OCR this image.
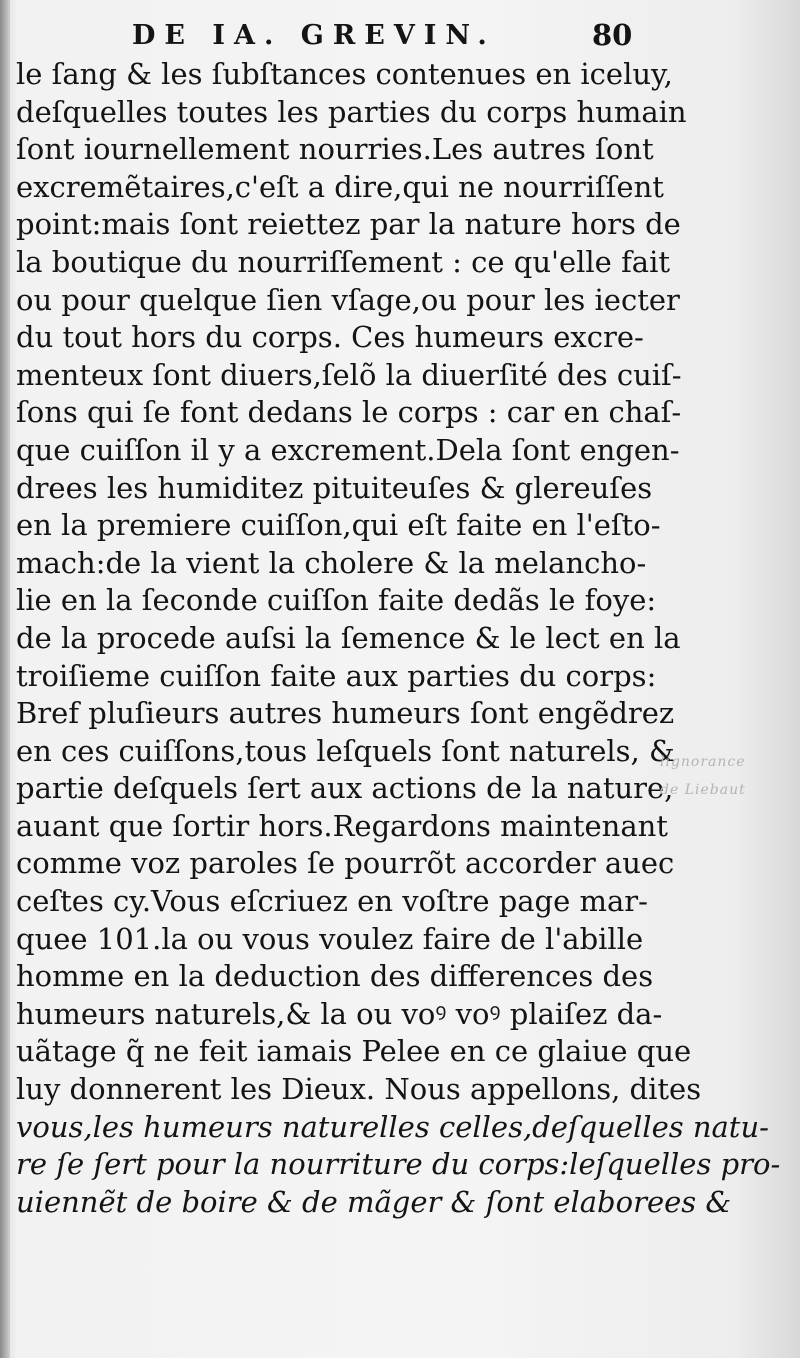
DE IA. GREVIN.	80
le ſang & les ſubſtances contenues en iceluy,
deſquelles toutes les parties du corps humain
ſont iournellement nourries.Les autres ſont
excremẽtaires,c'eſt a dire,qui ne nourriſſent
point:mais ſont reiettez par la nature hors de
la boutique du nourriſſement : ce qu'elle fait
ou pour quelque ſien vſage,ou pour les iecter
du tout hors du corps. Ces humeurs excre-
menteux ſont diuers,ſelõ la diuerſité des cuiſ-
ſons qui ſe font dedans le corps : car en chaſ-
que cuiſſon il y a excrement.Dela ſont engen-
drees les humiditez pituiteuſes & glereuſes
en la premiere cuiſſon,qui eſt faite en l'eſto-
mach:de la vient la cholere & la melancho-
lie en la ſeconde cuiſſon faite dedãs le foye:
de la procede auſsi la ſemence & le lect en la
troiſieme cuiſſon faite aux parties du corps:
Bref pluſieurs autres humeurs ſont engẽdrez
en ces cuiſſons,tous leſquels ſont naturels, &
partie deſquels ſert aux actions de la nature,
auant que ſortir hors.Regardons maintenant
comme voz paroles ſe pourrõt accorder auec
ceſtes cy.Vous eſcriuez en voſtre page mar-
quee 101.la ou vous voulez faire de l'abille
homme en la deduction des differences des
humeurs naturels,& la ou voꝰ voꝰ plaiſez da-
uãtage q̃ ne feit iamais Pelee en ce glaiue que
luy donnerent les Dieux. Nous appellons, dites
vous,les humeurs naturelles celles,deſquelles natu-
re ſe ſert pour la nourriture du corps:leſquelles pro-
uiennẽt de boire & de mãger & ſont elaborees &
lignorance
de Liebaut
